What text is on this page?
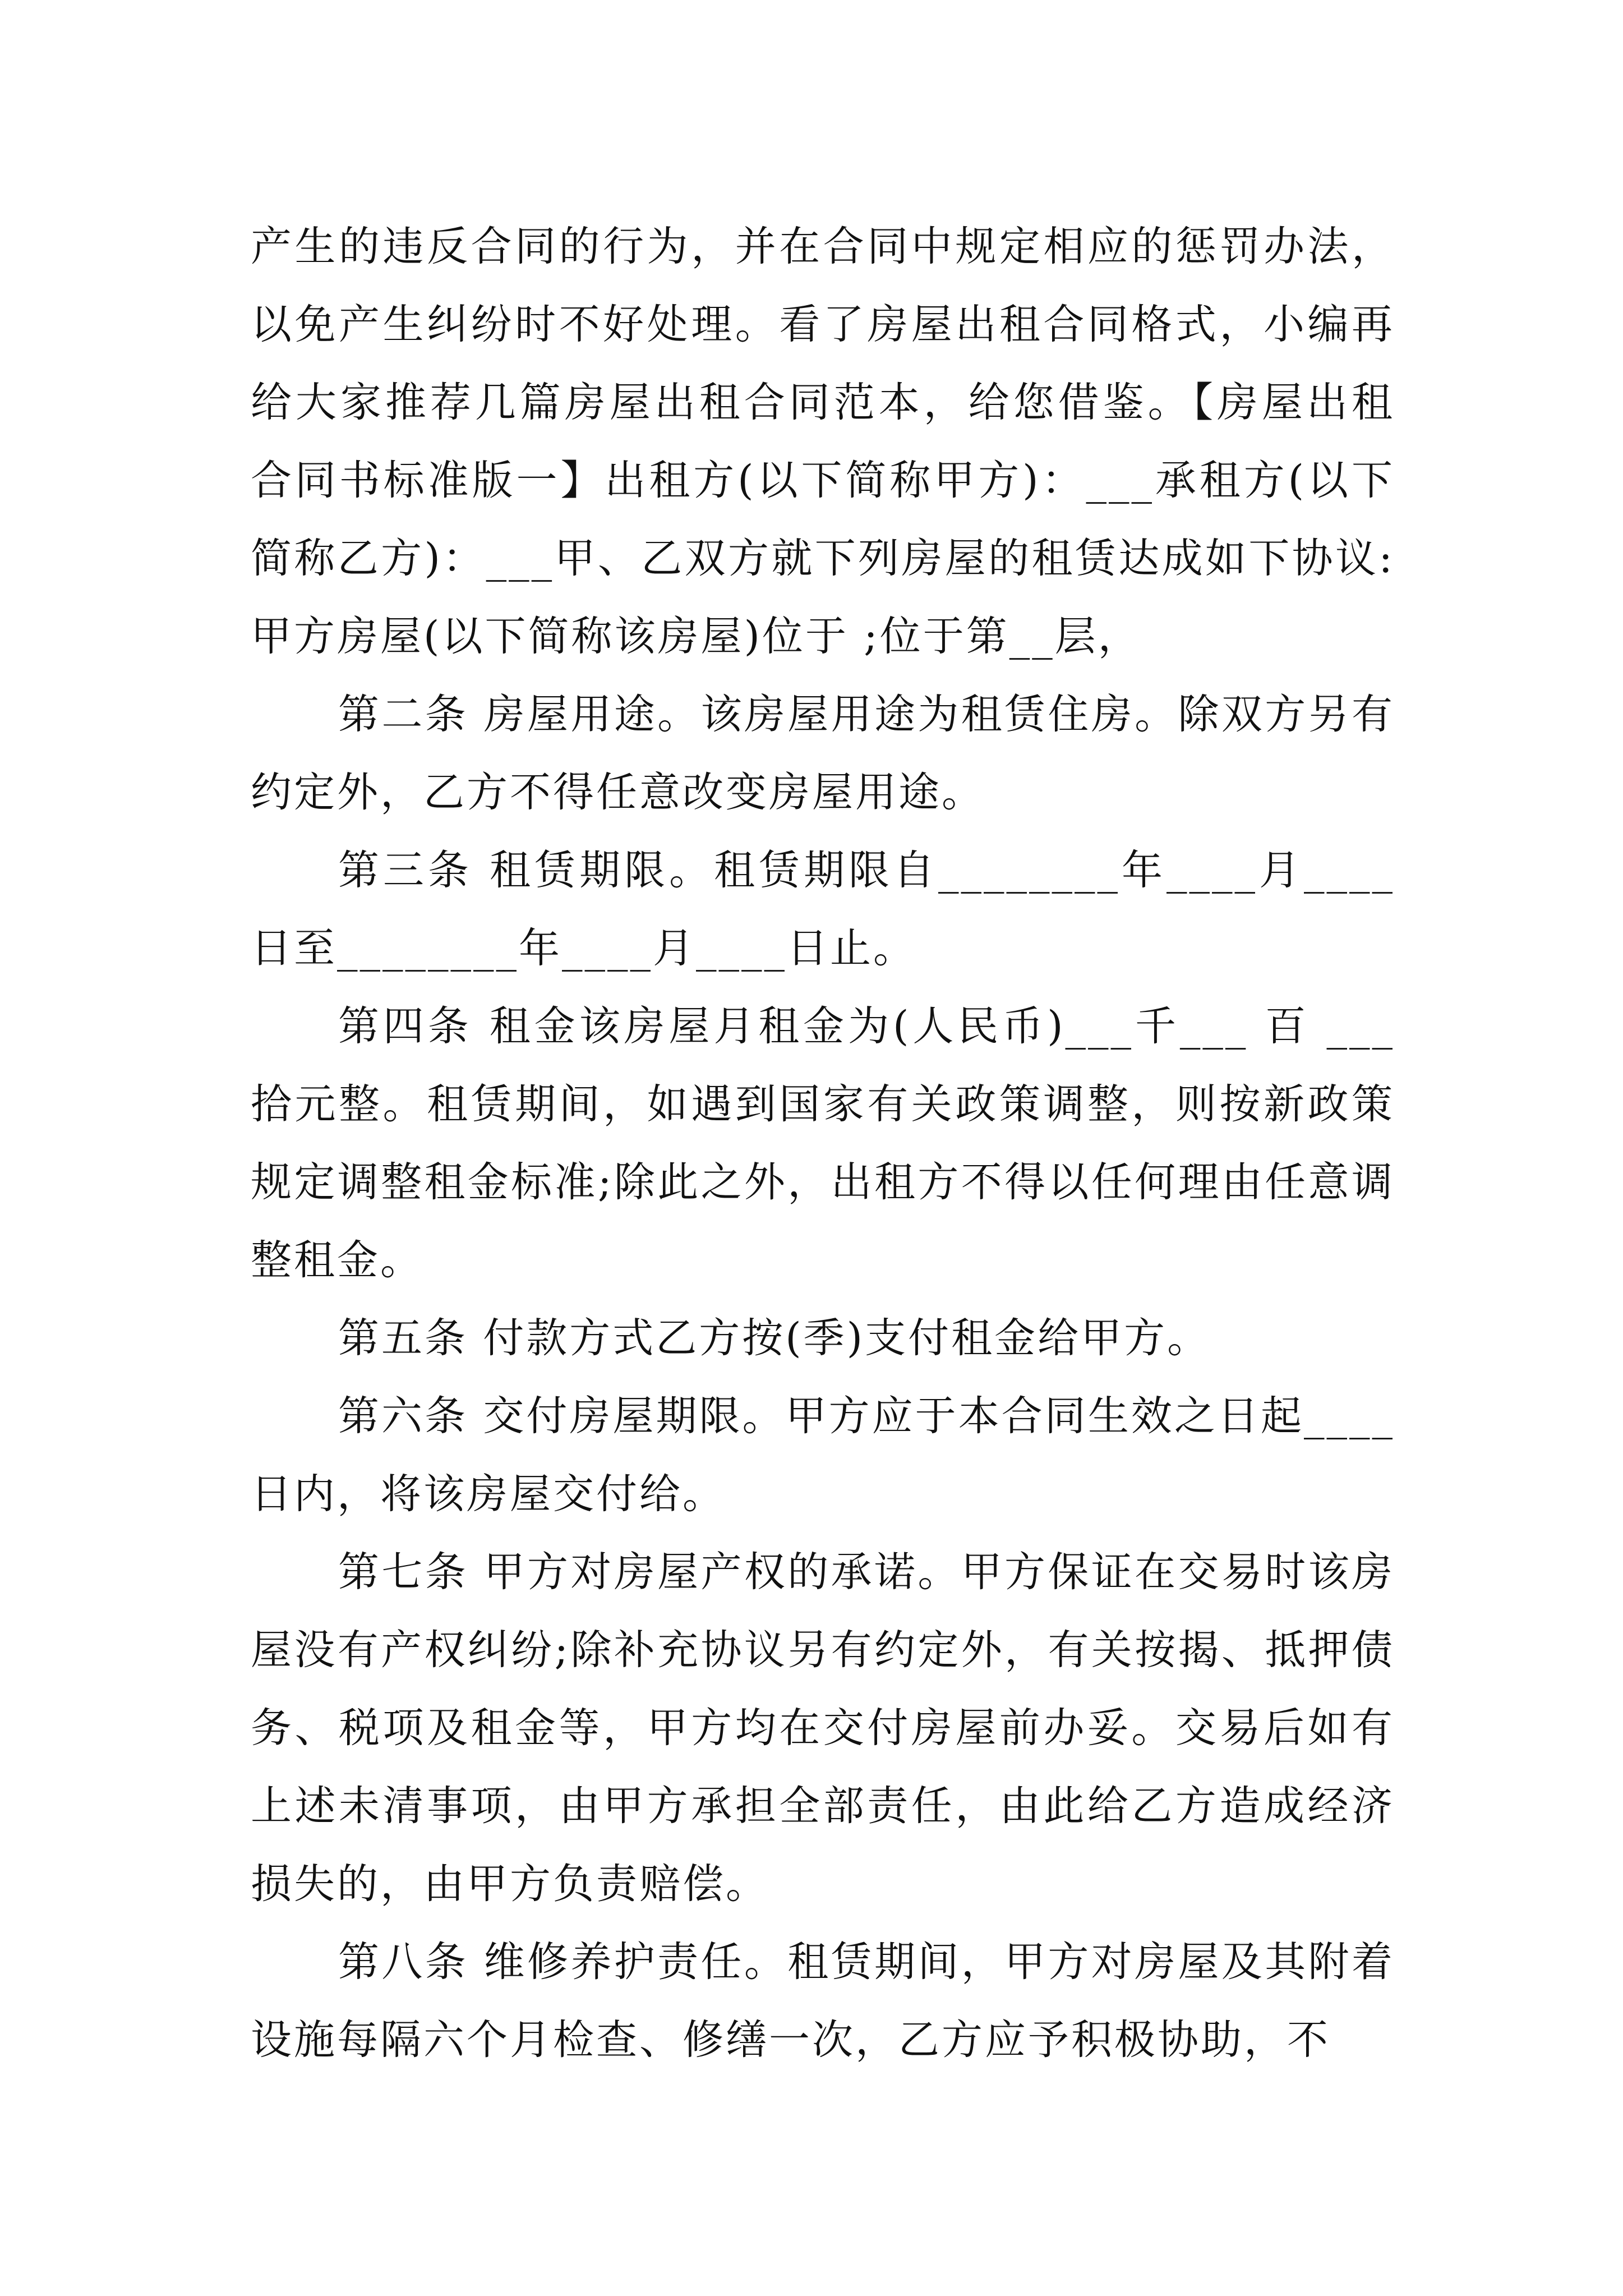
产生的违反合同的行为，并在合同中规定相应的惩罚办法，以免产生纠纷时不好处理。看了房屋出租合同格式，小编再给大家推荐几篇房屋出租合同范本，给您借鉴。【房屋出租合同书标准版一】出租方(以下简称甲方)：___承租方(以下简称乙方)：___甲、乙双方就下列房屋的租赁达成如下协议:甲方房屋(以下简称该房屋)位于 ;位于第__层，

第二条 房屋用途。该房屋用途为租赁住房。除双方另有约定外，乙方不得任意改变房屋用途。

第三条 租赁期限。租赁期限自________年____月____日至________年____月____日止。

第四条 租金该房屋月租金为(人民币)___千___ 百 ___拾元整。租赁期间，如遇到国家有关政策调整，则按新政策规定调整租金标准;除此之外，出租方不得以任何理由任意调整租金。

第五条 付款方式乙方按(季)支付租金给甲方。

第六条 交付房屋期限。甲方应于本合同生效之日起____日内，将该房屋交付给。

第七条 甲方对房屋产权的承诺。甲方保证在交易时该房屋没有产权纠纷;除补充协议另有约定外，有关按揭、抵押债务、税项及租金等，甲方均在交付房屋前办妥。交易后如有上述未清事项，由甲方承担全部责任，由此给乙方造成经济损失的，由甲方负责赔偿。

第八条 维修养护责任。租赁期间，甲方对房屋及其附着设施每隔六个月检查、修缮一次，乙方应予积极协助，不
